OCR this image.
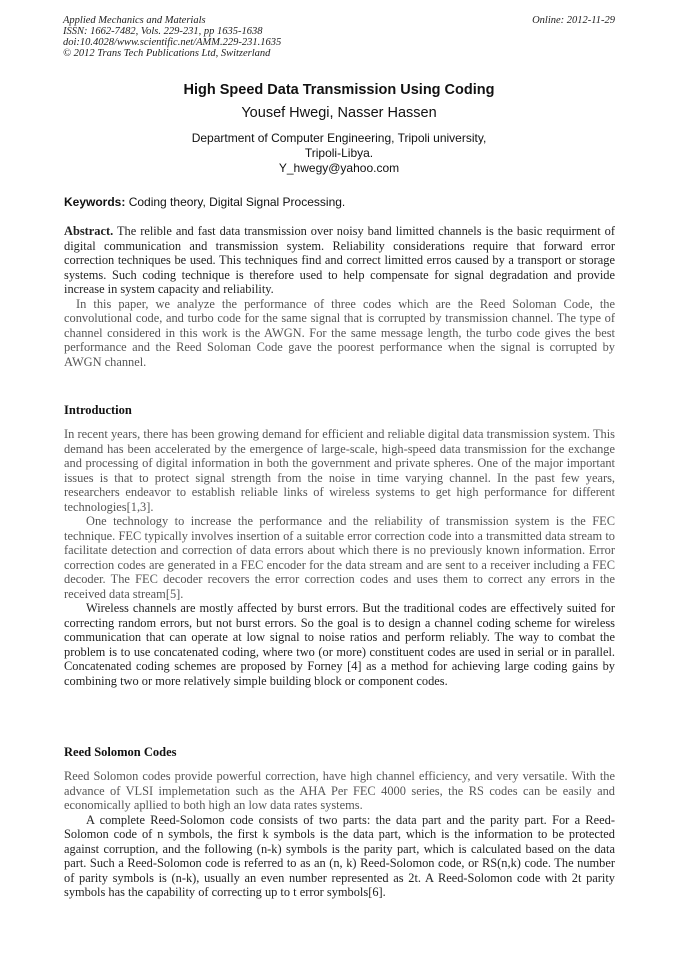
Applied Mechanics and Materials
ISSN: 1662-7482, Vols. 229-231, pp 1635-1638
doi:10.4028/www.scientific.net/AMM.229-231.1635
© 2012 Trans Tech Publications Ltd, Switzerland
Online: 2012-11-29
High Speed Data Transmission Using Coding
Yousef Hwegi, Nasser Hassen
Department of Computer Engineering, Tripoli university,
Tripoli-Libya.
Y_hwegy@yahoo.com
Keywords: Coding theory, Digital Signal Processing.

Abstract. The relible and fast data transmission over noisy band limitted channels is the basic requirment of digital communication and transmission system. Reliability considerations require that forward error correction techniques be used. This techniques find and correct limitted erros caused by a transport or storage systems. Such coding technique is therefore used to help compensate for signal degradation and provide increase in system capacity and reliability.

In this paper, we analyze the performance of three codes which are the Reed Soloman Code, the convolutional code, and turbo code for the same signal that is corrupted by transmission channel. The type of channel considered in this work is the AWGN. For the same message length, the turbo code gives the best performance and the Reed Soloman Code gave the poorest performance when the signal is corrupted by AWGN channel.

Introduction

In recent years, there has been growing demand for efficient and reliable digital data transmission system. This demand has been accelerated by the emergence of large-scale, high-speed data transmission for the exchange and processing of digital information in both the government and private spheres. One of the major important issues is that to protect signal strength from the noise in time varying channel. In the past few years, researchers endeavor to establish reliable links of wireless systems to get high performance for different technologies[1,3].

One technology to increase the performance and the reliability of transmission system is the FEC technique. FEC typically involves insertion of a suitable error correction code into a transmitted data stream to facilitate detection and correction of data errors about which there is no previously known information. Error correction codes are generated in a FEC encoder for the data stream and are sent to a receiver including a FEC decoder. The FEC decoder recovers the error correction codes and uses them to correct any errors in the received data stream[5].

Wireless channels are mostly affected by burst errors. But the traditional codes are effectively suited for correcting random errors, but not burst errors. So the goal is to design a channel coding scheme for wireless communication that can operate at low signal to noise ratios and perform reliably. The way to combat the problem is to use concatenated coding, where two (or more) constituent codes are used in serial or in parallel. Concatenated coding schemes are proposed by Forney [4] as a method for achieving large coding gains by combining two or more relatively simple building block or component codes.

Reed Solomon Codes

Reed Solomon codes provide powerful correction, have high channel efficiency, and very versatile. With the advance of VLSI implemetation such as the AHA Per FEC 4000 series, the RS codes can be easily and economically apllied to both high an low data rates systems.

A complete Reed-Solomon code consists of two parts: the data part and the parity part. For a Reed-Solomon code of n symbols, the first k symbols is the data part, which is the information to be protected against corruption, and the following (n-k) symbols is the parity part, which is calculated based on the data part. Such a Reed-Solomon code is referred to as an (n, k) Reed-Solomon code, or RS(n,k) code. The number of parity symbols is (n-k), usually an even number represented as 2t. A Reed-Solomon code with 2t parity symbols has the capability of correcting up to t error symbols[6].
